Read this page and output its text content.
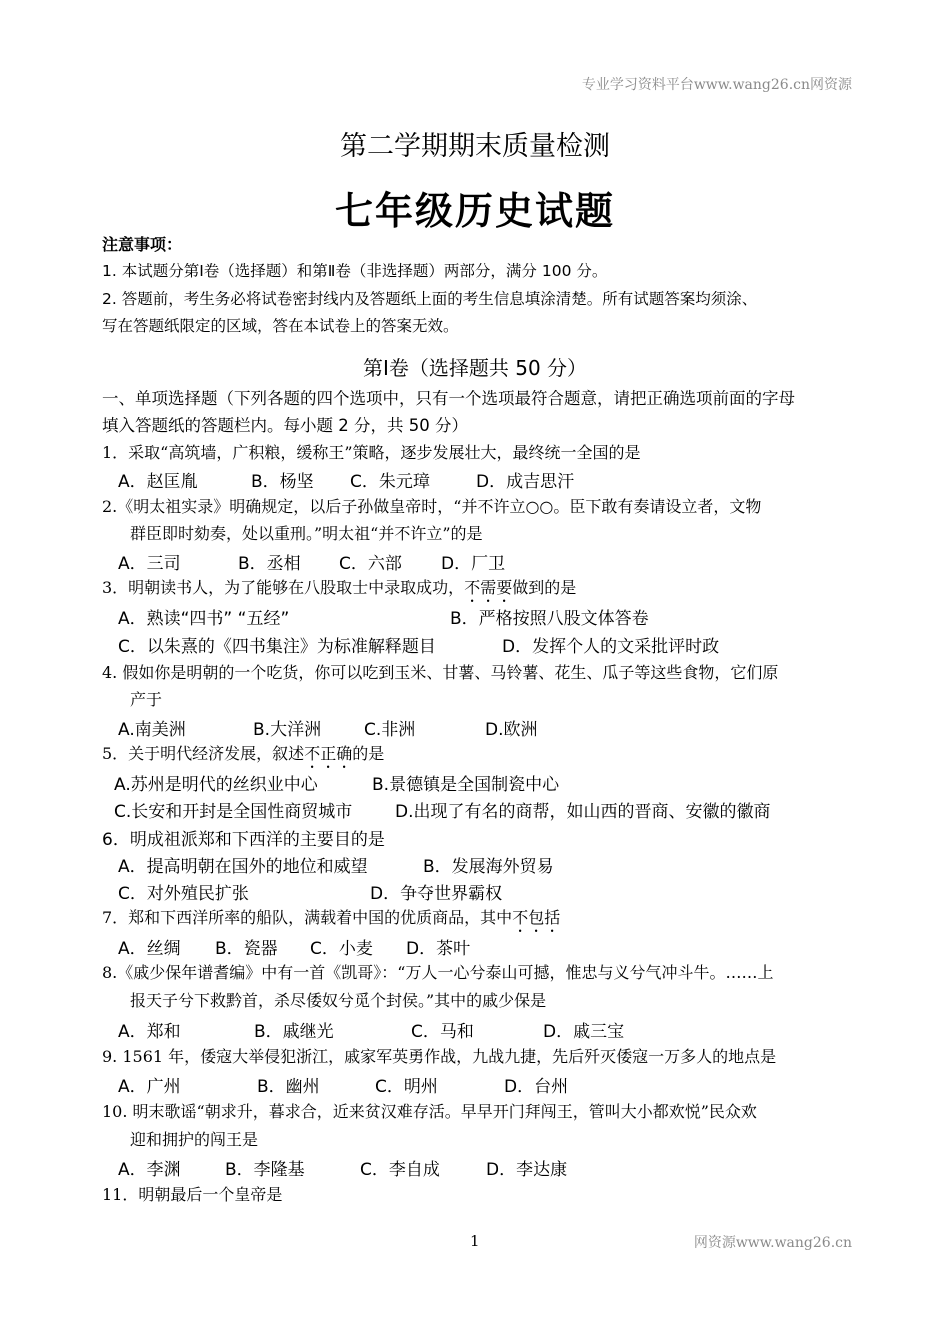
专业学习资料平台www.wang26.cn网资源
第二学期期末质量检测
七年级历史试题
注意事项：
1. 本试题分第Ⅰ卷（选择题）和第Ⅱ卷（非选择题）两部分，满分 100 分。
2. 答题前，考生务必将试卷密封线内及答题纸上面的考生信息填涂清楚。所有试题答案均须涂、
写在答题纸限定的区域，答在本试卷上的答案无效。
第Ⅰ卷（选择题共 50 分）
一、单项选择题（下列各题的四个选项中，只有一个选项最符合题意，请把正确选项前面的字母
填入答题纸的答题栏内。每小题 2 分，共 50 分）
1．采取“高筑墙，广积粮，缓称王”策略，逐步发展壮大，最终统一全国的是
A．赵匡胤	B．杨坚 C．朱元璋	D．成吉思汗
2.《明太祖实录》明确规定，以后子孙做皇帝时，“并不许立○○。臣下敢有奏请设立者，文物
群臣即时劾奏，处以重刑。”明太祖“并不许立”的是
A．三司	B．丞相 C．六部 D．厂卫
3．明朝读书人，为了能够在八股取士中录取成功，不需要做到的是
A．熟读“四书” “五经”	B．严格按照八股文体答卷
C．以朱熹的《四书集注》为标准解释题目	D．发挥个人的文采批评时政
4. 假如你是明朝的一个吃货，你可以吃到玉米、甘薯、马铃薯、花生、瓜子等这些食物，它们原
产于
A.南美洲	B.大洋洲	C.非洲	D.欧洲
5．关于明代经济发展，叙述不正确的是
A.苏州是明代的丝织业中心	B.景德镇是全国制瓷中心
C.长安和开封是全国性商贸城市	D.出现了有名的商帮，如山西的晋商、安徽的徽商
6．明成祖派郑和下西洋的主要目的是
A．提高明朝在国外的地位和威望	B．发展海外贸易
C．对外殖民扩张	D．争夺世界霸权
7．郑和下西洋所率的船队，满载着中国的优质商品，其中不包括
A．丝绸 B．瓷器 C．小麦 D．茶叶
8.《戚少保年谱耆编》中有一首《凯哥》：“万人一心兮泰山可撼，惟忠与义兮气冲斗牛。……上
报天子兮下救黔首，杀尽倭奴兮觅个封侯。”其中的戚少保是
A．郑和	B．戚继光	C．马和	D．戚三宝
9. 1561 年，倭寇大举侵犯浙江，戚家军英勇作战，九战九捷，先后歼灭倭寇一万多人的地点是
A．广州	B．幽州	C．明州	D．台州
10. 明末歌谣“朝求升，暮求合，近来贫汉难存活。早早开门拜闯王，管叫大小都欢悦”民众欢
迎和拥护的闯王是
A．李渊	B．李隆基	C．李自成	D．李达康
11．明朝最后一个皇帝是
1	网资源www.wang26.cn
